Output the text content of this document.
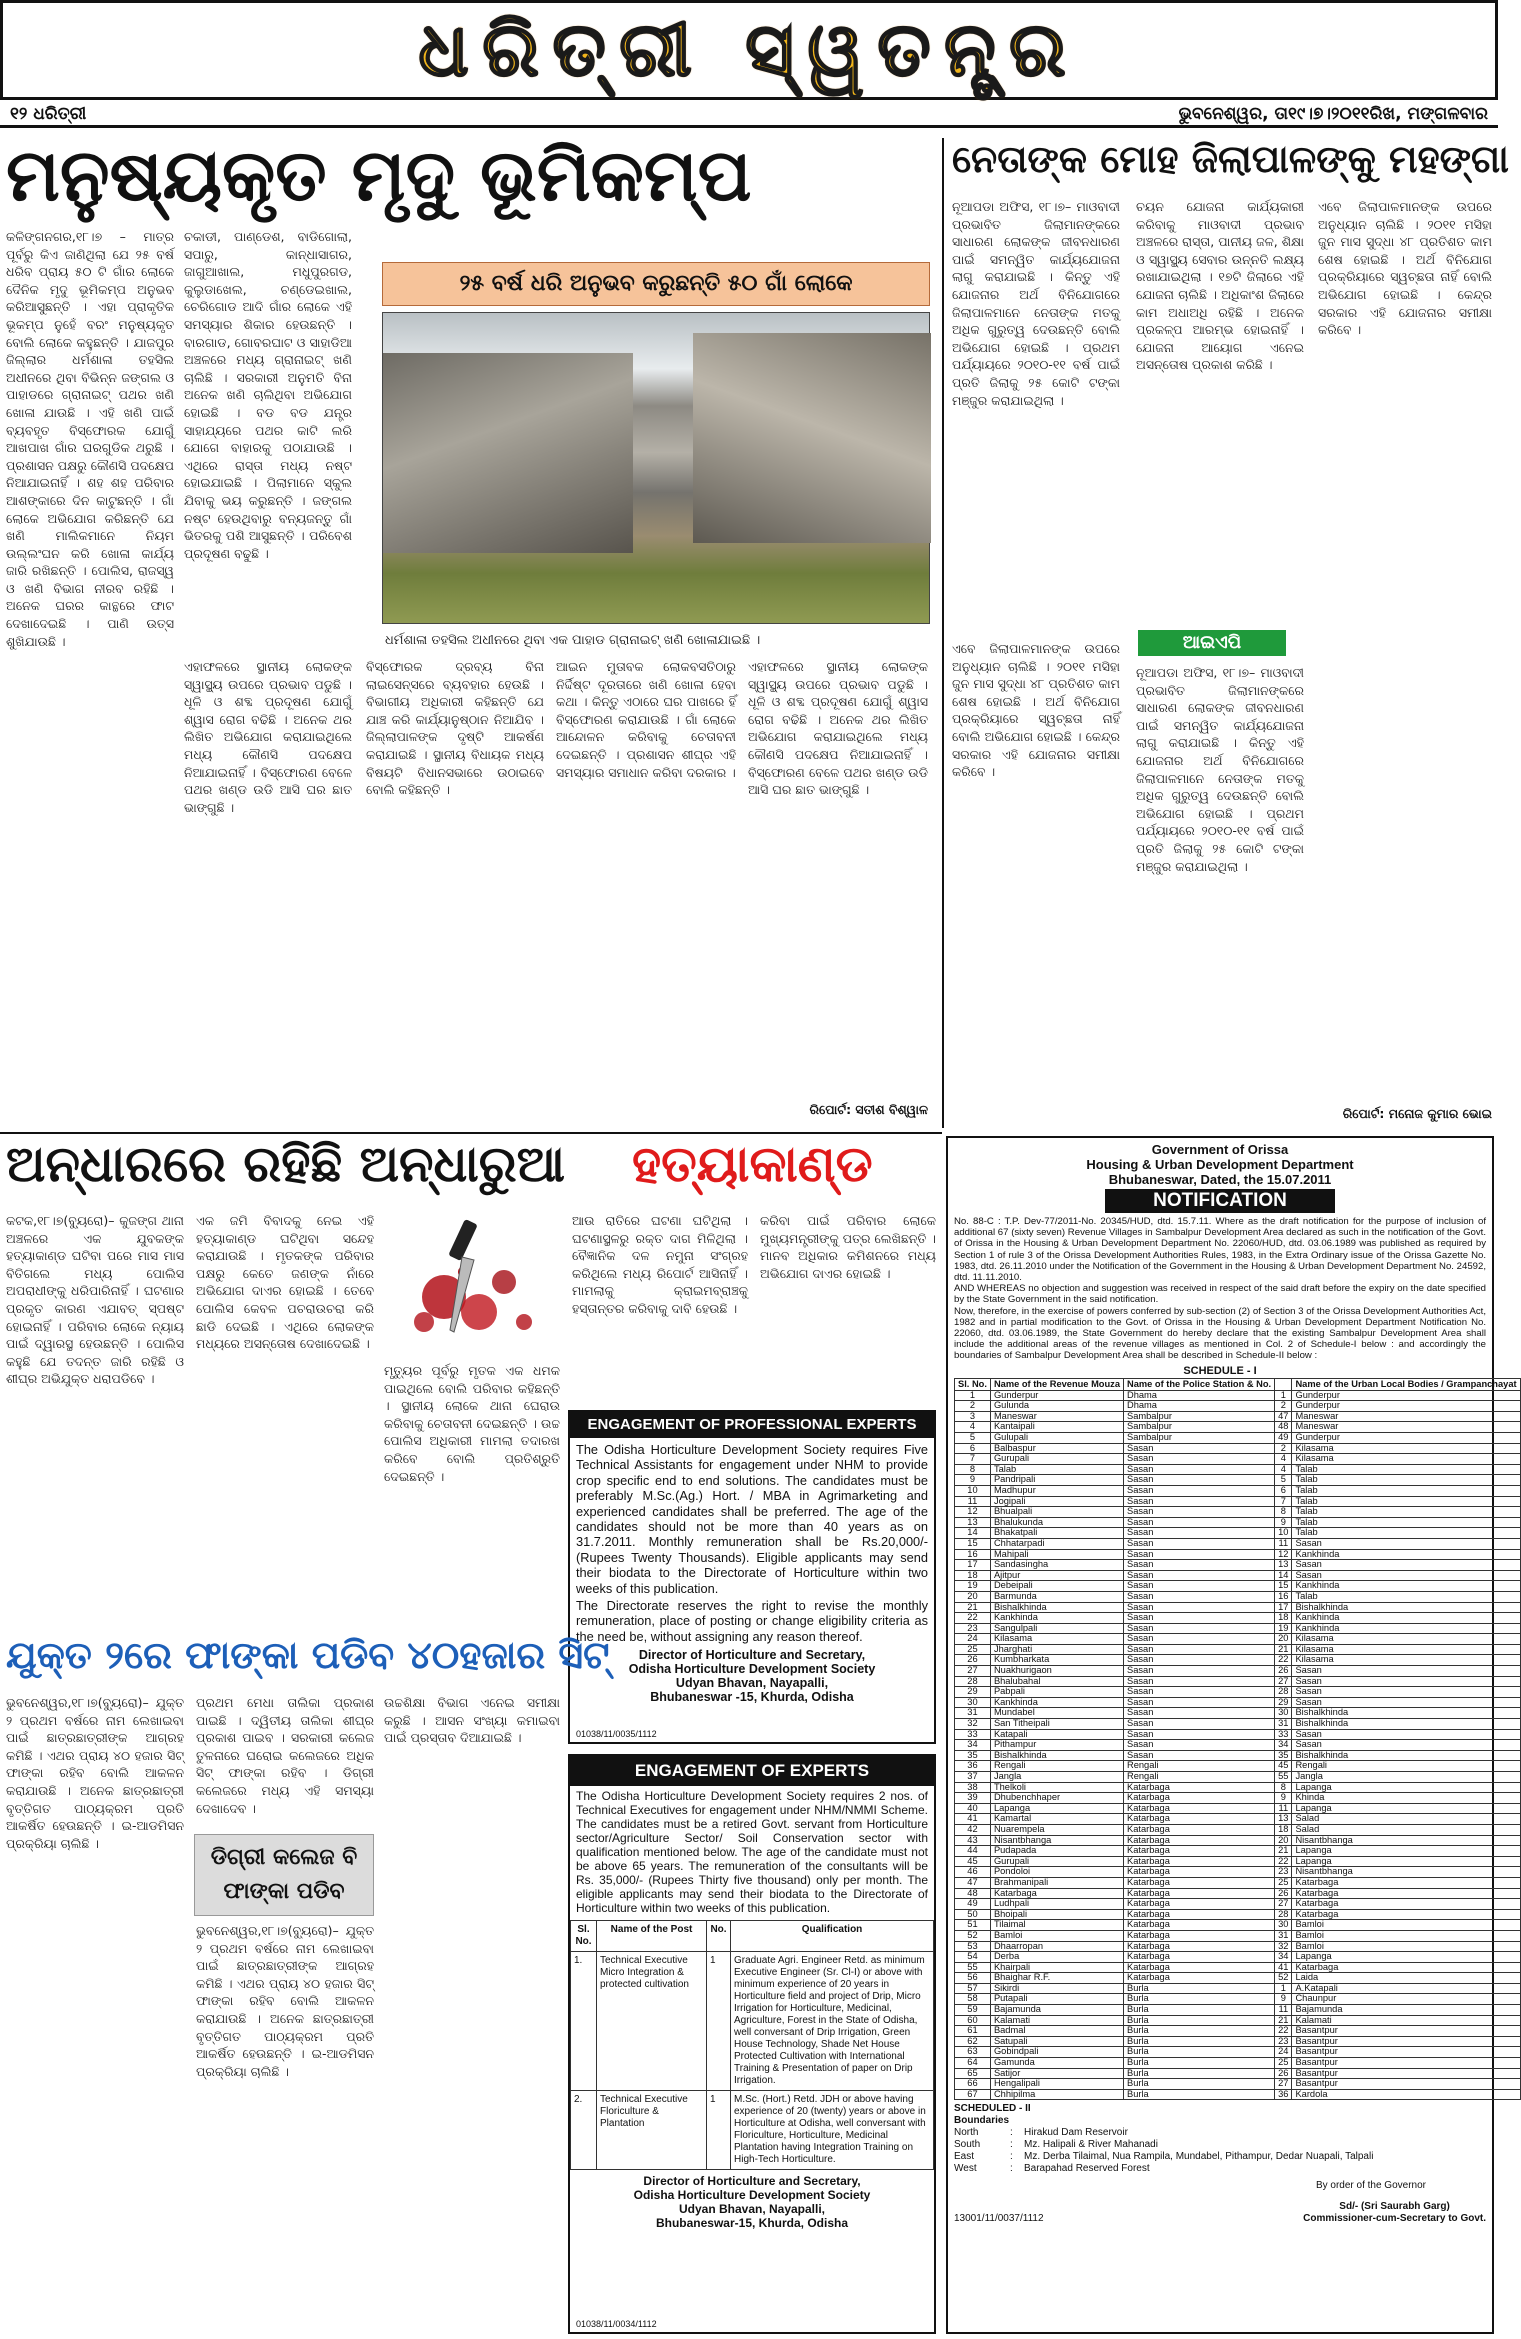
ଧରିତ୍ରୀ ସ୍ୱତନ୍ତ୍ର
୧୨ ଧରିତ୍ରୀ	ଭୁବନେଶ୍ୱର, ତା୧୯।୭।୨୦୧୧ରିଖ, ମଙ୍ଗଳବାର
ମନୁଷ୍ୟକୃତ ମୃଦୁ ଭୂମିକମ୍ପ
କଳିଙ୍ଗନଗର,୧୮।୭ – ମାତ୍ର ପୂର୍ବରୁ କିଏ ଜାଣିଥିଲା ଯେ ୨୫ ବର୍ଷ ଧରିବ ପ୍ରାୟ ୫୦ ଟି ଗାଁର ଲୋକେ ଦୈନିକ ମୃଦୁ ଭୂମିକମ୍ପ ଅନୁଭବ କରିଆସୁଛନ୍ତି । ଏହା ପ୍ରାକୃତିକ ଭୂକମ୍ପ ନୁହେଁ ବରଂ ମନୁଷ୍ୟକୃତ ବୋଲି ଲୋକେ କହୁଛନ୍ତି । ଯାଜପୁର ଜିଲ୍ଲାର ଧର୍ମଶାଳା ତହସିଲ ଅଧୀନରେ ଥିବା ବିଭିନ୍ନ ଜଙ୍ଗଲ ଓ ପାହାଡରେ ଗ୍ରାନାଇଟ୍ ପଥର ଖଣି ଖୋଳା ଯାଉଛି । ଏହି ଖଣି ପାଇଁ ବ୍ୟବହୃତ ବିସ୍ଫୋରକ ଯୋଗୁଁ ଆଖପାଖ ଗାଁର ଘରଗୁଡିକ ଥରୁଛି । ପ୍ରଶାସନ ପକ୍ଷରୁ କୌଣସି ପଦକ୍ଷେପ ନିଆଯାଇନାହିଁ । ଶହ ଶହ ପରିବାର ଆଶଙ୍କାରେ ଦିନ କାଟୁଛନ୍ତି । ଗାଁ ଲୋକେ ଅଭିଯୋଗ କରିଛନ୍ତି ଯେ ଖଣି ମାଲିକମାନେ ନିୟମ ଉଲ୍ଲଂଘନ କରି ଖୋଳା କାର୍ଯ୍ୟ ଜାରି ରଖିଛନ୍ତି । ପୋଲିସ, ରାଜସ୍ୱ ଓ ଖଣି ବିଭାଗ ନୀରବ ରହିଛି । ଅନେକ ଘରର କାନ୍ଥରେ ଫାଟ ଦେଖାଦେଇଛି । ପାଣି ଉତ୍ସ ଶୁଖିଯାଉଛି ।
ଚକାଡୀ, ପାଣ୍ଡେଶ, ବାଡିଗୋଲା, ସପାରୁ, କାନ୍ଧାସାଗର, ଜାଗୁଆଖାଲ, ମଧୁପୁରଗଡ, କୁଲୁଡାଖେଲ, ଚଣ୍ଡେଇଖାଲ, ଚେରିଗୋଡ ଆଦି ଗାଁର ଲୋକେ ଏହି ସମସ୍ୟାର ଶିକାର ହେଉଛନ୍ତି । ବାରଗାଡ, ଗୋବରଘାଟ ଓ ସାହାଡିଆ ଅଞ୍ଚଳରେ ମଧ୍ୟ ଗ୍ରାନାଇଟ୍ ଖଣି ଚାଲିଛି । ସରକାରୀ ଅନୁମତି ବିନା ଅନେକ ଖଣି ଚାଲିଥିବା ଅଭିଯୋଗ ହୋଇଛି । ବଡ ବଡ ଯନ୍ତ୍ର ସାହାଯ୍ୟରେ ପଥର କାଟି ଲରି ଯୋଗେ ବାହାରକୁ ପଠାଯାଉଛି । ଏଥିରେ ରାସ୍ତା ମଧ୍ୟ ନଷ୍ଟ ହୋଇଯାଇଛି । ପିଲାମାନେ ସ୍କୁଲ ଯିବାକୁ ଭୟ କରୁଛନ୍ତି । ଜଙ୍ଗଲ ନଷ୍ଟ ହେଉଥିବାରୁ ବନ୍ୟଜନ୍ତୁ ଗାଁ ଭିତରକୁ ପଶି ଆସୁଛନ୍ତି । ପରିବେଶ ପ୍ରଦୂଷଣ ବଢୁଛି ।
୨୫ ବର୍ଷ ଧରି ଅନୁଭବ କରୁଛନ୍ତି ୫୦ ଗାଁ ଲୋକେ
ଧର୍ମଶାଳା ତହସିଲ ଅଧୀନରେ ଥିବା ଏକ ପାହାଡ ଗ୍ରାନାଇଟ୍ ଖଣି ଖୋଳାଯାଇଛି ।
ଏହାଫଳରେ ସ୍ଥାନୀୟ ଲୋକଙ୍କ ସ୍ୱାସ୍ଥ୍ୟ ଉପରେ ପ୍ରଭାବ ପଡୁଛି । ଧୂଳି ଓ ଶବ୍ଦ ପ୍ରଦୂଷଣ ଯୋଗୁଁ ଶ୍ୱାସ ରୋଗ ବଢିଛି । ଅନେକ ଥର ଲିଖିତ ଅଭିଯୋଗ କରାଯାଇଥିଲେ ମଧ୍ୟ କୌଣସି ପଦକ୍ଷେପ ନିଆଯାଇନାହିଁ । ବିସ୍ଫୋରଣ ବେଳେ ପଥର ଖଣ୍ଡ ଉଡି ଆସି ଘର ଛାତ ଭାଙ୍ଗୁଛି ।
ବିସ୍ଫୋରକ ଦ୍ରବ୍ୟ ବିନା ଲାଇସେନ୍ସରେ ବ୍ୟବହାର ହେଉଛି । ବିଭାଗୀୟ ଅଧିକାରୀ କହିଛନ୍ତି ଯେ ଯାଞ୍ଚ କରି କାର୍ଯ୍ୟାନୁଷ୍ଠାନ ନିଆଯିବ । ଜିଲ୍ଲାପାଳଙ୍କ ଦୃଷ୍ଟି ଆକର୍ଷଣ କରାଯାଇଛି । ସ୍ଥାନୀୟ ବିଧାୟକ ମଧ୍ୟ ବିଷୟଟି ବିଧାନସଭାରେ ଉଠାଇବେ ବୋଲି କହିଛନ୍ତି ।
ଆଇନ ମୁତାବକ ଲୋକବସତିଠାରୁ ନିର୍ଦ୍ଦିଷ୍ଟ ଦୂରତାରେ ଖଣି ଖୋଳା ହେବା କଥା । କିନ୍ତୁ ଏଠାରେ ଘର ପାଖରେ ହିଁ ବିସ୍ଫୋରଣ କରାଯାଉଛି । ଗାଁ ଲୋକେ ଆନ୍ଦୋଳନ କରିବାକୁ ଚେତାବନୀ ଦେଇଛନ୍ତି । ପ୍ରଶାସନ ଶୀଘ୍ର ଏହି ସମସ୍ୟାର ସମାଧାନ କରିବା ଦରକାର ।
ଏହାଫଳରେ ସ୍ଥାନୀୟ ଲୋକଙ୍କ ସ୍ୱାସ୍ଥ୍ୟ ଉପରେ ପ୍ରଭାବ ପଡୁଛି । ଧୂଳି ଓ ଶବ୍ଦ ପ୍ରଦୂଷଣ ଯୋଗୁଁ ଶ୍ୱାସ ରୋଗ ବଢିଛି । ଅନେକ ଥର ଲିଖିତ ଅଭିଯୋଗ କରାଯାଇଥିଲେ ମଧ୍ୟ କୌଣସି ପଦକ୍ଷେପ ନିଆଯାଇନାହିଁ । ବିସ୍ଫୋରଣ ବେଳେ ପଥର ଖଣ୍ଡ ଉଡି ଆସି ଘର ଛାତ ଭାଙ୍ଗୁଛି ।
ରିପୋର୍ଟ: ସତୀଶ ବିଶ୍ୱାଳ
ନେତାଙ୍କ ମୋହ ଜିଲାପାଳଙ୍କୁ ମହଙ୍ଗା
ନୂଆପଡା ଅଫିସ, ୧୮।୭– ମାଓବାଦୀ ପ୍ରଭାବିତ ଜିଲାମାନଙ୍କରେ ସାଧାରଣ ଲୋକଙ୍କ ଜୀବନଧାରଣ ପାଇଁ ସମନ୍ୱିତ କାର୍ଯ୍ୟଯୋଜନା ଲାଗୁ କରାଯାଇଛି । କିନ୍ତୁ ଏହି ଯୋଜନାର ଅର୍ଥ ବିନିଯୋଗରେ ଜିଲାପାଳମାନେ ନେତାଙ୍କ ମତକୁ ଅଧିକ ଗୁରୁତ୍ୱ ଦେଉଛନ୍ତି ବୋଲି ଅଭିଯୋଗ ହୋଇଛି । ପ୍ରଥମ ପର୍ଯ୍ୟାୟରେ ୨୦୧୦-୧୧ ବର୍ଷ ପାଇଁ ପ୍ରତି ଜିଲାକୁ ୨୫ କୋଟି ଟଙ୍କା ମଞ୍ଜୁର କରାଯାଇଥିଲା ।
ଆଇଏପି
ଏବେ ଜିଲାପାଳମାନଙ୍କ ଉପରେ ଅନୁଧ୍ୟାନ ଚାଲିଛି । ୨୦୧୧ ମସିହା ଜୁନ ମାସ ସୁଦ୍ଧା ୪୮ ପ୍ରତିଶତ କାମ ଶେଷ ହୋଇଛି । ଅର୍ଥ ବିନିଯୋଗ ପ୍ରକ୍ରିୟାରେ ସ୍ୱଚ୍ଛତା ନାହିଁ ବୋଲି ଅଭିଯୋଗ ହୋଇଛି । କେନ୍ଦ୍ର ସରକାର ଏହି ଯୋଜନାର ସମୀକ୍ଷା କରିବେ ।
ଚୟନ ଯୋଜନା କାର୍ଯ୍ୟକାରୀ କରିବାକୁ ମାଓବାଦୀ ପ୍ରଭାବ ଅଞ୍ଚଳରେ ରାସ୍ତା, ପାନୀୟ ଜଳ, ଶିକ୍ଷା ଓ ସ୍ୱାସ୍ଥ୍ୟ ସେବାର ଉନ୍ନତି ଲକ୍ଷ୍ୟ ରଖାଯାଇଥିଲା । ୧୭ଟି ଜିଲାରେ ଏହି ଯୋଜନା ଚାଲିଛି । ଅଧିକାଂଶ ଜିଲାରେ କାମ ଅଧାଅଧି ରହିଛି । ଅନେକ ପ୍ରକଳ୍ପ ଆରମ୍ଭ ହୋଇନାହିଁ । ଯୋଜନା ଆୟୋଗ ଏନେଇ ଅସନ୍ତୋଷ ପ୍ରକାଶ କରିଛି ।
ନୂଆପଡା ଅଫିସ, ୧୮।୭– ମାଓବାଦୀ ପ୍ରଭାବିତ ଜିଲାମାନଙ୍କରେ ସାଧାରଣ ଲୋକଙ୍କ ଜୀବନଧାରଣ ପାଇଁ ସମନ୍ୱିତ କାର୍ଯ୍ୟଯୋଜନା ଲାଗୁ କରାଯାଇଛି । କିନ୍ତୁ ଏହି ଯୋଜନାର ଅର୍ଥ ବିନିଯୋଗରେ ଜିଲାପାଳମାନେ ନେତାଙ୍କ ମତକୁ ଅଧିକ ଗୁରୁତ୍ୱ ଦେଉଛନ୍ତି ବୋଲି ଅଭିଯୋଗ ହୋଇଛି । ପ୍ରଥମ ପର୍ଯ୍ୟାୟରେ ୨୦୧୦-୧୧ ବର୍ଷ ପାଇଁ ପ୍ରତି ଜିଲାକୁ ୨୫ କୋଟି ଟଙ୍କା ମଞ୍ଜୁର କରାଯାଇଥିଲା ।
ଏବେ ଜିଲାପାଳମାନଙ୍କ ଉପରେ ଅନୁଧ୍ୟାନ ଚାଲିଛି । ୨୦୧୧ ମସିହା ଜୁନ ମାସ ସୁଦ୍ଧା ୪୮ ପ୍ରତିଶତ କାମ ଶେଷ ହୋଇଛି । ଅର୍ଥ ବିନିଯୋଗ ପ୍ରକ୍ରିୟାରେ ସ୍ୱଚ୍ଛତା ନାହିଁ ବୋଲି ଅଭିଯୋଗ ହୋଇଛି । କେନ୍ଦ୍ର ସରକାର ଏହି ଯୋଜନାର ସମୀକ୍ଷା କରିବେ ।
ରିପୋର୍ଟ: ମନୋଜ କୁମାର ଭୋଇ
ଅନ୍ଧାରରେ ରହିଛି ଅନ୍ଧାରୁଆ	ହତ୍ୟାକାଣ୍ଡ
କଟକ,୧୮।୭(ବ୍ୟୁରୋ)– କୁଜଙ୍ଗ ଥାନା ଅଞ୍ଚଳରେ ଏକ ଯୁବକଙ୍କ ହତ୍ୟାକାଣ୍ଡ ଘଟିବା ପରେ ମାସ ମାସ ବିତିଗଲେ ମଧ୍ୟ ପୋଲିସ ଅପରାଧୀଙ୍କୁ ଧରିପାରିନାହିଁ । ଘଟଣାର ପ୍ରକୃତ କାରଣ ଏଯାବତ୍ ସ୍ପଷ୍ଟ ହୋଇନାହିଁ । ପରିବାର ଲୋକେ ନ୍ୟାୟ ପାଇଁ ଦ୍ୱାରସ୍ଥ ହେଉଛନ୍ତି । ପୋଲିସ କହୁଛି ଯେ ତଦନ୍ତ ଜାରି ରହିଛି ଓ ଶୀଘ୍ର ଅଭିଯୁକ୍ତ ଧରାପଡିବେ ।
ଏକ ଜମି ବିବାଦକୁ ନେଇ ଏହି ହତ୍ୟାକାଣ୍ଡ ଘଟିଥିବା ସନ୍ଦେହ କରାଯାଉଛି । ମୃତକଙ୍କ ପରିବାର ପକ୍ଷରୁ କେତେ ଜଣଙ୍କ ନାଁରେ ଅଭିଯୋଗ ଦାଏର ହୋଇଛି । ତେବେ ପୋଲିସ କେବଳ ପଚରାଉଚରା କରି ଛାଡି ଦେଇଛି । ଏଥିରେ ଲୋକଙ୍କ ମଧ୍ୟରେ ଅସନ୍ତୋଷ ଦେଖାଦେଇଛି ।
ମୃତ୍ୟୁର ପୂର୍ବରୁ ମୃତକ ଏକ ଧମକ ପାଇଥିଲେ ବୋଲି ପରିବାର କହିଛନ୍ତି । ସ୍ଥାନୀୟ ଲୋକେ ଥାନା ଘେରାଉ କରିବାକୁ ଚେତାବନୀ ଦେଇଛନ୍ତି । ଉଚ୍ଚ ପୋଲିସ ଅଧିକାରୀ ମାମଲା ତଦାରଖ କରିବେ ବୋଲି ପ୍ରତିଶ୍ରୁତି ଦେଇଛନ୍ତି ।
ଆଉ ରାତିରେ ଘଟଣା ଘଟିଥିଲା । ଘଟଣାସ୍ଥଳରୁ ରକ୍ତ ଦାଗ ମିଳିଥିଲା । ବୈଜ୍ଞାନିକ ଦଳ ନମୁନା ସଂଗ୍ରହ କରିଥିଲେ ମଧ୍ୟ ରିପୋର୍ଟ ଆସିନାହିଁ । ମାମଲାକୁ କ୍ରାଇମବ୍ରାଞ୍ଚକୁ ହସ୍ତାନ୍ତର କରିବାକୁ ଦାବି ହେଉଛି ।
କରିବା ପାଇଁ ପରିବାର ଲୋକେ ମୁଖ୍ୟମନ୍ତ୍ରୀଙ୍କୁ ପତ୍ର ଲେଖିଛନ୍ତି । ମାନବ ଅଧିକାର କମିଶନରେ ମଧ୍ୟ ଅଭିଯୋଗ ଦାଏର ହୋଇଛି ।
ENGAGEMENT OF PROFESSIONAL EXPERTS
The Odisha Horticulture Development Society requires Five Technical Assistants for engagement under NHM to provide crop specific end to end solutions. The candidates must be preferably M.Sc.(Ag.) Hort. / MBA in Agrimarketing and experienced candidates shall be preferred. The age of the candidates should not be more than 40 years as on 31.7.2011. Monthly remuneration shall be Rs.20,000/- (Rupees Twenty Thousands). Eligible applicants may send their biodata to the Directorate of Horticulture within two weeks of this publication.
The Directorate reserves the right to revise the monthly remuneration, place of posting or change eligibility criteria as the need be, without assigning any reason thereof.
Director of Horticulture and Secretary,
Odisha Horticulture Development Society
Udyan Bhavan, Nayapalli,
Bhubaneswar -15, Khurda, Odisha
01038/11/0035/1112
ଯୁକ୍ତ ୨ରେ ଫାଙ୍କା ପଡିବ ୪୦ହଜାର ସିଟ୍
ଭୁବନେଶ୍ୱର,୧୮।୭(ବ୍ୟୁରୋ)– ଯୁକ୍ତ ୨ ପ୍ରଥମ ବର୍ଷରେ ନାମ ଲେଖାଇବା ପାଇଁ ଛାତ୍ରଛାତ୍ରୀଙ୍କ ଆଗ୍ରହ କମିଛି । ଏଥର ପ୍ରାୟ ୪୦ ହଜାର ସିଟ୍ ଫାଙ୍କା ରହିବ ବୋଲି ଆକଳନ କରାଯାଉଛି । ଅନେକ ଛାତ୍ରଛାତ୍ରୀ ବୃତ୍ତିଗତ ପାଠ୍ୟକ୍ରମ ପ୍ରତି ଆକର୍ଷିତ ହେଉଛନ୍ତି । ଇ-ଆଡମିସନ ପ୍ରକ୍ରିୟା ଚାଲିଛି ।
ପ୍ରଥମ ମେଧା ତାଲିକା ପ୍ରକାଶ ପାଇଛି । ଦ୍ୱିତୀୟ ତାଲିକା ଶୀଘ୍ର ପ୍ରକାଶ ପାଇବ । ସରକାରୀ କଲେଜ ତୁଳନାରେ ଘରୋଇ କଲେଜରେ ଅଧିକ ସିଟ୍ ଫାଙ୍କା ରହିବ । ଡିଗ୍ରୀ କଲେଜରେ ମଧ୍ୟ ଏହି ସମସ୍ୟା ଦେଖାଦେବ ।
ଡିଗ୍ରୀ କଲେଜ ବି ଫାଙ୍କା ପଡିବ
ଭୁବନେଶ୍ୱର,୧୮।୭(ବ୍ୟୁରୋ)– ଯୁକ୍ତ ୨ ପ୍ରଥମ ବର୍ଷରେ ନାମ ଲେଖାଇବା ପାଇଁ ଛାତ୍ରଛାତ୍ରୀଙ୍କ ଆଗ୍ରହ କମିଛି । ଏଥର ପ୍ରାୟ ୪୦ ହଜାର ସିଟ୍ ଫାଙ୍କା ରହିବ ବୋଲି ଆକଳନ କରାଯାଉଛି । ଅନେକ ଛାତ୍ରଛାତ୍ରୀ ବୃତ୍ତିଗତ ପାଠ୍ୟକ୍ରମ ପ୍ରତି ଆକର୍ଷିତ ହେଉଛନ୍ତି । ଇ-ଆଡମିସନ ପ୍ରକ୍ରିୟା ଚାଲିଛି ।
ଉଚ୍ଚଶିକ୍ଷା ବିଭାଗ ଏନେଇ ସମୀକ୍ଷା କରୁଛି । ଆସନ ସଂଖ୍ୟା କମାଇବା ପାଇଁ ପ୍ରସ୍ତାବ ଦିଆଯାଇଛି ।
ENGAGEMENT OF EXPERTS
The Odisha Horticulture Development Society requires 2 nos. of Technical Executives for engagement under NHM/NMMI Scheme. The candidates must be a retired Govt. servant from Horticulture sector/Agriculture Sector/ Soil Conservation sector with qualification mentioned below. The age of the candidate must not be above 65 years. The remuneration of the consultants will be Rs. 35,000/- (Rupees Thirty five thousand) only per month. The eligible applicants may send their biodata to the Directorate of Horticulture within two weeks of this publication.
Sl. No.	Name of the Post	No.	Qualification
1.	Technical Executive Micro Integration & protected cultivation	1	Graduate Agri. Engineer Retd. as minimum Executive Engineer (Sr. Cl-I) or above with minimum experience of 20 years in Horticulture field and project of Drip, Micro Irrigation for Horticulture, Medicinal, Agriculture, Forest in the State of Odisha, well conversant of Drip Irrigation, Green House Technology, Shade Net House Protected Cultivation with International Training & Presentation of paper on Drip Irrigation.
2.	Technical Executive Floriculture & Plantation	1	M.Sc. (Hort.) Retd. JDH or above having experience of 20 (twenty) years or above in Horticulture at Odisha, well conversant with Floriculture, Horticulture, Medicinal Plantation having Integration Training on High-Tech Horticulture.
Director of Horticulture and Secretary,
Odisha Horticulture Development Society
Udyan Bhavan, Nayapalli,
Bhubaneswar-15, Khurda, Odisha
01038/11/0034/1112
Government of Orissa
Housing & Urban Development Department
Bhubaneswar, Dated, the 15.07.2011
NOTIFICATION
No. 88-C : T.P. Dev-77/2011-No. 20345/HUD, dtd. 15.7.11. Where as the draft notification for the purpose of inclusion of additional 67 (sixty seven) Revenue Villages in Sambalpur Development Area declared as such in the notification of the Govt. of Orissa in the Housing & Urban Development Department No. 22060/HUD, dtd. 03.06.1989 was published as required by Section 1 of rule 3 of the Orissa Development Authorities Rules, 1983, in the Extra Ordinary issue of the Orissa Gazette No. 1983, dtd. 26.11.2010 under the Notification of the Government in the Housing & Urban Development Department No. 24592, dtd. 11.11.2010.
AND WHEREAS no objection and suggestion was received in respect of the said draft before the expiry on the date specified by the State Government in the said notification.
Now, therefore, in the exercise of powers conferred by sub-section (2) of Section 3 of the Orissa Development Authorities Act, 1982 and in partial modification to the Govt. of Orissa in the Housing & Urban Development Department Notification No. 22060, dtd. 03.06.1989, the State Government do hereby declare that the existing Sambalpur Development Area shall include the additional areas of the revenue villages as mentioned in Col. 2 of Schedule-I below : and accordingly the boundaries of Sambalpur Development Area shall be described in Schedule-II below :
SCHEDULE - I
Sl. No.	Name of the Revenue Mouza	Name of the Police Station & No.		Name of the Urban Local Bodies / Grampanchayat
1	Gunderpur	Dhama	1	Gunderpur
2	Gulunda	Dhama	2	Gunderpur
3	Maneswar	Sambalpur	47	Maneswar
4	Kantaipali	Sambalpur	48	Maneswar
5	Gulupali	Sambalpur	49	Gunderpur
6	Balbaspur	Sasan	2	Kilasama
7	Gurupali	Sasan	4	Kilasama
8	Talab	Sasan	4	Talab
9	Pandripali	Sasan	5	Talab
10	Madhupur	Sasan	6	Talab
11	Jogipali	Sasan	7	Talab
12	Bhualpali	Sasan	8	Talab
13	Bhalukunda	Sasan	9	Talab
14	Bhakatpali	Sasan	10	Talab
15	Chhatarpadi	Sasan	11	Sasan
16	Mahipali	Sasan	12	Kankhinda
17	Sandasingha	Sasan	13	Sasan
18	Ajitpur	Sasan	14	Sasan
19	Debeipali	Sasan	15	Kankhinda
20	Barmunda	Sasan	16	Talab
21	Bishalkhinda	Sasan	17	Bishalkhinda
22	Kankhinda	Sasan	18	Kankhinda
23	Sangulpali	Sasan	19	Kankhinda
24	Kilasama	Sasan	20	Kilasama
25	Jharghati	Sasan	21	Kilasama
26	Kumbharkata	Sasan	22	Kilasama
27	Nuakhurigaon	Sasan	26	Sasan
28	Bhalubahal	Sasan	27	Sasan
29	Pabpali	Sasan	28	Sasan
30	Kankhinda	Sasan	29	Sasan
31	Mundabel	Sasan	30	Bishalkhinda
32	San Titheipali	Sasan	31	Bishalkhinda
33	Katapali	Sasan	33	Sasan
34	Pithampur	Sasan	34	Sasan
35	Bishalkhinda	Sasan	35	Bishalkhinda
36	Rengali	Rengali	45	Rengali
37	Jangla	Rengali	55	Jangla
38	Thelkoli	Katarbaga	8	Lapanga
39	Dhubenchhaper	Katarbaga	9	Khinda
40	Lapanga	Katarbaga	11	Lapanga
41	Kamartal	Katarbaga	13	Salad
42	Nuarempela	Katarbaga	18	Salad
43	Nisantbhanga	Katarbaga	20	Nisantbhanga
44	Pudapada	Katarbaga	21	Lapanga
45	Gurupali	Katarbaga	22	Lapanga
46	Pondoloi	Katarbaga	23	Nisantbhanga
47	Brahmanipali	Katarbaga	25	Katarbaga
48	Katarbaga	Katarbaga	26	Katarbaga
49	Ludhpali	Katarbaga	27	Katarbaga
50	Bhoipali	Katarbaga	28	Katarbaga
51	Tilaimal	Katarbaga	30	Bamloi
52	Bamloi	Katarbaga	31	Bamloi
53	Dhaarropan	Katarbaga	32	Bamloi
54	Derba	Katarbaga	34	Lapanga
55	Khairpali	Katarbaga	41	Katarbaga
56	Bhaighar R.F.	Katarbaga	52	Laida
57	Sikirdi	Burla	1	A.Katapali
58	Putapali	Burla	9	Chaunpur
59	Bajamunda	Burla	11	Bajamunda
60	Kalamati	Burla	21	Kalamati
61	Badmal	Burla	22	Basantpur
62	Satupali	Burla	23	Basantpur
63	Gobindpali	Burla	24	Basantpur
64	Gamunda	Burla	25	Basantpur
65	Satijor	Burla	26	Basantpur
66	Hengalipali	Burla	27	Basantpur
67	Chhipilma	Burla	36	Kardola
SCHEDULED - II
Boundaries
North	:	Hirakud Dam Reservoir
South	:	Mz. Halipali & River Mahanadi
East	:	Mz. Derba Tilaimal, Nua Rampila, Mundabel, Pithampur, Dedar Nuapali, Talpali
West	:	Barapahad Reserved Forest
By order of the Governor
13001/11/0037/1112
Sd/- (Sri Saurabh Garg)
Commissioner-cum-Secretary to Govt.
